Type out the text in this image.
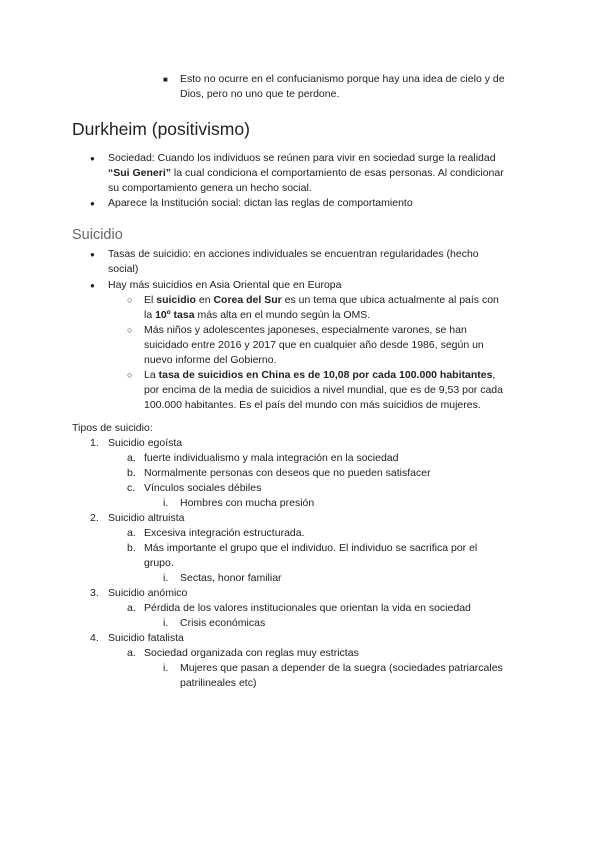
■ Esto no ocurre en el confucianismo porque hay una idea de cielo y de
Dios, pero no uno que te perdone.
Durkheim (positivismo)
● Sociedad: Cuando los individuos se reúnen para vivir en sociedad surge la realidad
“Sui Generi” la cual condiciona el comportamiento de esas personas. Al condicionar
su comportamiento genera un hecho social.
● Aparece la Institución social: dictan las reglas de comportamiento
Suicidio
● Tasas de suicidio: en acciones individuales se encuentran regularidades (hecho
social)
● Hay más suicidios en Asia Oriental que en Europa
○ El suicidio en Corea del Sur es un tema que ubica actualmente al país con
la 10º tasa más alta en el mundo según la OMS.
○ Más niños y adolescentes japoneses, especialmente varones, se han
suicidado entre 2016 y 2017 que en cualquier año desde 1986, según un
nuevo informe del Gobierno.
○ La tasa de suicidios en China es de 10,08 por cada 100.000 habitantes,
por encima de la media de suicidios a nivel mundial, que es de 9,53 por cada
100.000 habitantes. Es el país del mundo con más suicidios de mujeres.
Tipos de suicidio:
1. Suicidio egoísta
a. fuerte individualismo y mala integración en la sociedad
b. Normalmente personas con deseos que no pueden satisfacer
c. Vínculos sociales débiles
i. Hombres con mucha presión
2. Suicidio altruista
a. Excesiva integración estructurada.
b. Más importante el grupo que el individuo. El individuo se sacrifica por el
grupo.
i. Sectas, honor familiar
3. Suicidio anómico
a. Pérdida de los valores institucionales que orientan la vida en sociedad
i. Crisis económicas
4. Suicidio fatalista
a. Sociedad organizada con reglas muy estrictas
i. Mujeres que pasan a depender de la suegra (sociedades patriarcales
patrilineales etc)
